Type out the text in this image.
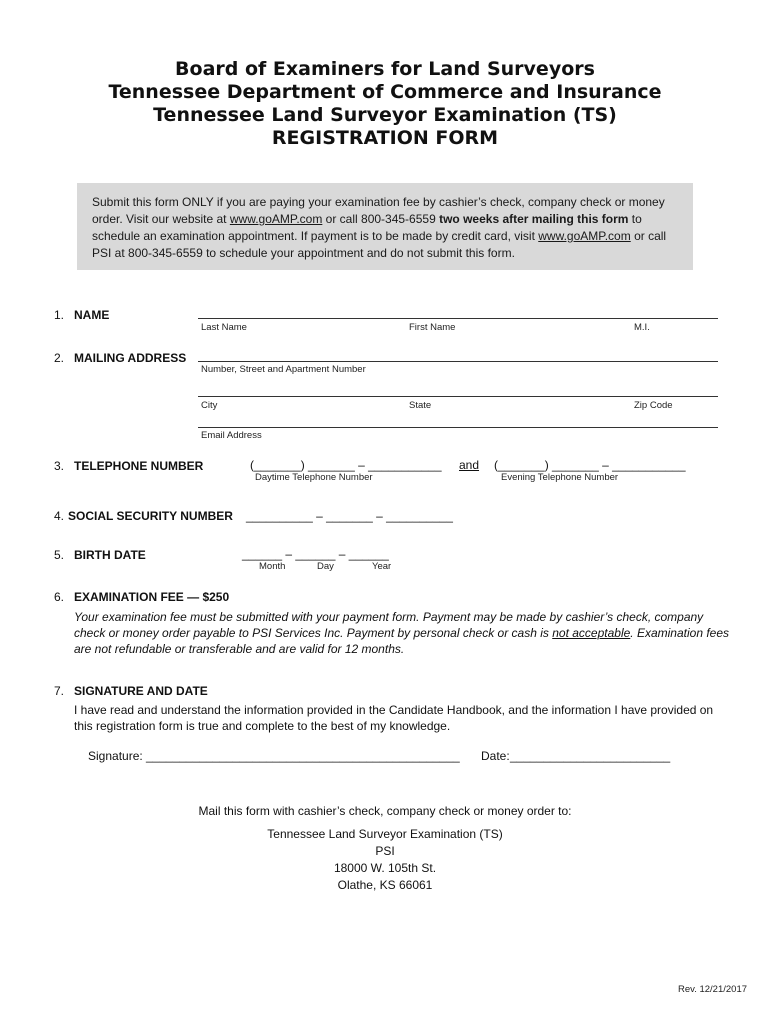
Board of Examiners for Land Surveyors
Tennessee Department of Commerce and Insurance
Tennessee Land Surveyor Examination (TS)
REGISTRATION FORM
Submit this form ONLY if you are paying your examination fee by cashier’s check, company check or money order. Visit our website at www.goAMP.com or call 800-345-6559 two weeks after mailing this form to schedule an examination appointment. If payment is to be made by credit card, visit www.goAMP.com or call PSI at 800-345-6559 to schedule your appointment and do not submit this form.
1. NAME
Last Name	First Name	M.I.
2. MAILING ADDRESS
Number, Street and Apartment Number
City	State	Zip Code
Email Address
3. TELEPHONE NUMBER	(_______) _______ – ___________ and (_______) _______ – ___________
Daytime Telephone Number	Evening Telephone Number
4. SOCIAL SECURITY NUMBER __________ – _______ – __________
5. BIRTH DATE	______ – ______ – ______
Month	Day	Year
6. EXAMINATION FEE — $250
Your examination fee must be submitted with your payment form. Payment may be made by cashier’s check, company check or money order payable to PSI Services Inc. Payment by personal check or cash is not acceptable. Examination fees are not refundable or transferable and are valid for 12 months.
7. SIGNATURE AND DATE
I have read and understand the information provided in the Candidate Handbook, and the information I have provided on this registration form is true and complete to the best of my knowledge.
Signature: _______________________________________________ Date: ________________________
Mail this form with cashier’s check, company check or money order to:
Tennessee Land Surveyor Examination (TS)
PSI
18000 W. 105th St.
Olathe, KS 66061
Rev. 12/21/2017
